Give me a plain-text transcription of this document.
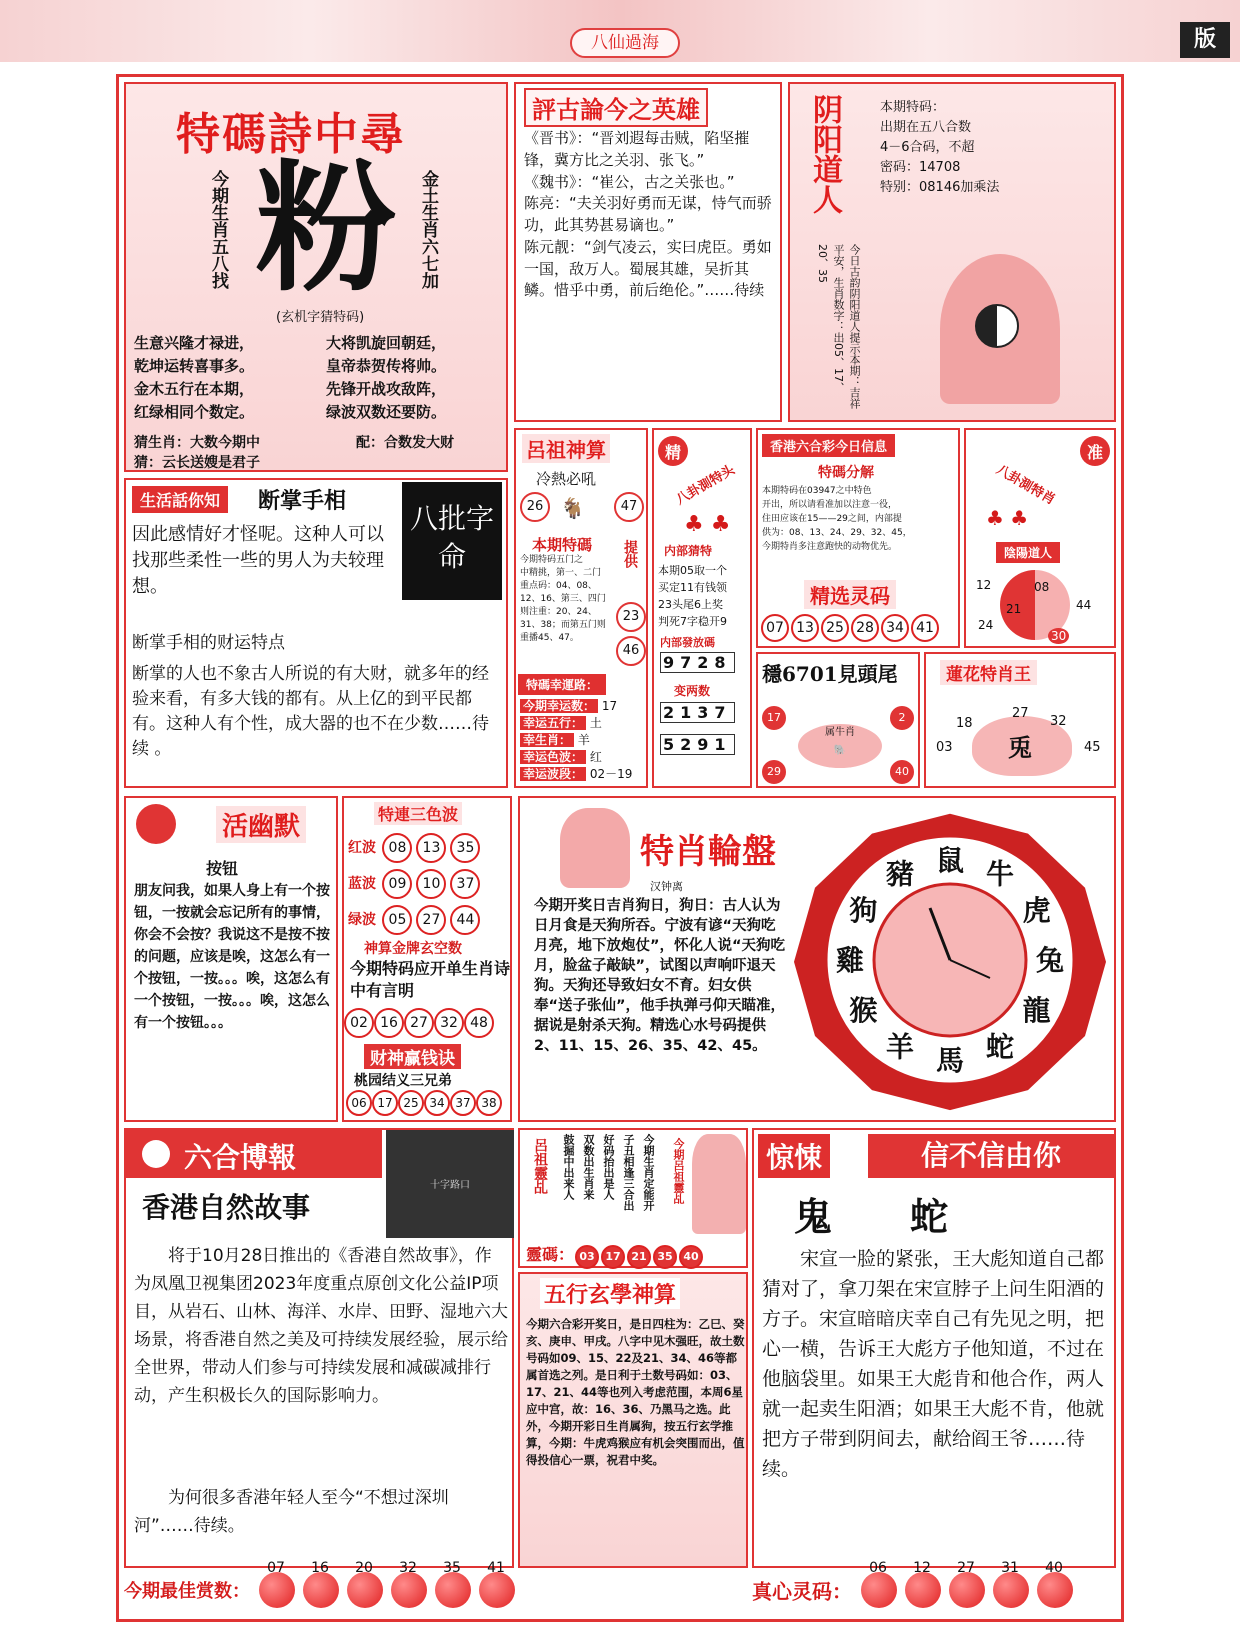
八仙過海	版
特碼詩中尋
今期生肖五八找 粉 金土生肖六七加
(玄机字猜特码)
生意兴隆才禄进，
乾坤运转喜事多。
金木五行在本期，
红绿相同个数定。
大将凯旋回朝廷，
皇帝恭贺传将帅。
先锋开战攻敌阵，
绿波双数还要防。
猜生肖：大数今期中	配：合数发大财
猜：云长送嫂是君子
評古論今之英雄

《晋书》：“晋刘遐每击贼，陷坚摧锋，冀方比之关羽、张飞。”

《魏书》：“崔公，古之关张也。”

陈亮：“夫关羽好勇而无谋，恃气而骄功，此其势甚易谪也。”

陈元靓：“剑气凌云，实曰虎臣。勇如一国，敌万人。蜀展其雄，吴折其鳞。惜乎中勇，前后绝伦。”……待续

阴阳道人	本期特码：
出期在五八合数
4－6合码，不超
密码：14708
特别：08146加乘法
今日古韵阴阳道人提示本期：吉祥平安，生肖数字：出05、17、20、35
生活話你知	断掌手相
八批字命
因此感情好才怪呢。这种人可以找那些柔性一些的男人为夫较理想。
断掌手相的财运特点
断掌的人也不象古人所说的有大财，就多年的经验来看，有多大钱的都有。从上亿的到平民都有。这种人有个性，成大器的也不在少数……待续 。
呂祖神算
冷熱必吼
26 🐐	47
本期特碼
今期特码五门之
中精挑，第一、二门
重点码：04、08、
12、16、第三、四门
则注重：20、24、
31、38；而第五门则
重播45、47。
提供
23
46
特碼幸運路：
今期幸运数： 17
幸运五行： 土
幸生肖： 羊
幸运色波： 红
幸运波段： 02－19
精
八卦測特头
♣ ♣
内部猜特
本期05取一个
买定11有钱领
23头尾6上奖
判死7字稳开9
内部發放碼
9728
变两数
2137
5291
香港六合彩今日信息
特碼分解
本期特码在03947之中特色
开出，所以请看准加以注意一役，
住田应该在15——29之间，内部提
供为：08、13、24、29、32、45，
今期特肖多注意跑快的动物优先。
精选灵码
07 13 25 28 34 41
穩6701見頭尾
17	2
29	40
属牛肖
🐘
准
八卦測特肖
♣ ♣
陰陽道人
12	08
21	44
24
30
蓮花特肖王
18
27
32
03	45
兎
活幽默
按钮
朋友问我，如果人身上有一个按钮，一按就会忘记所有的事情，你会不会按？我说这不是按不按的问题，应该是唉，这怎么有一个按钮，一按。。。唉，这怎么有一个按钮，一按。。。唉，这怎么有一个按钮。。。
特連三色波
红波 08 13 35
蓝波 09 10 37
绿波 05 27 44
神算金牌玄空数
今期特码应开单生肖诗中有言明
02 16 27 32 48
财神赢钱诀
桃园结义三兄弟
06 17 25 34 37 38
特肖輪盤
汉钟离
今期开奖日吉肖狗日，狗日：古人认为日月食是天狗所吞。宁波有谚“天狗吃月亮，地下放炮仗”，怀化人说“天狗吃月，脸盆子敲缺”，试图以声响吓退天狗。天狗还导致妇女不育。妇女供奉“送子张仙”，他手执弹弓仰天瞄准，据说是射杀天狗。精选心水号码提供2、11、15、26、35、42、45。
牛
虎
兔
龍
蛇
馬
羊
猴
雞
狗
豬 鼠
六合博報
十字路口
香港自然故事
将于10月28日推出的《香港自然故事》，作为凤凰卫视集团2023年度重点原创文化公益IP项目，从岩石、山林、海洋、水岸、田野、湿地六大场景，将香港自然之美及可持续发展经验，展示给全世界，带动人们参与可持续发展和减碳减排行动，产生积极长久的国际影响力。
为何很多香港年轻人至今“不想过深圳河”……待续。
呂祖靈乩	今期生肖定能开
子丑相逢三合出
好码抬出是人
双数出生肖来
鼓掘中出来人	今期呂祖靈乩
靈碼： 03 17 21 35 40
五行玄學神算
今期六合彩开奖日，是日四柱为：乙巳、癸亥、庚申、甲戌。八字中见木强旺，故土数号码如09、15、22及21、34、46等都属首选之列。是日利于土数号码如：03、17、21、44等也列入考虑范围，本周6星应中宫，故：16、36、乃黑马之选。此外，今期开彩日生肖属狗，按五行玄学推算，今期：牛虎鸡猴应有机会突围而出，值得投信心一票，祝君中奖。
惊悚	信不信由你
鬼　蛇
宋宣一脸的紧张，王大彪知道自己都猜对了，拿刀架在宋宣脖子上问生阳酒的方子。宋宣暗暗庆幸自己有先见之明，把心一横，告诉王大彪方子他知道，不过在他脑袋里。如果王大彪肯和他合作，两人就一起卖生阳酒；如果王大彪不肯，他就把方子带到阴间去，献给阎王爷……待续。
今期最佳赏数：
07 16 20 32 35 41
真心灵码：
06 12 27 31 40
